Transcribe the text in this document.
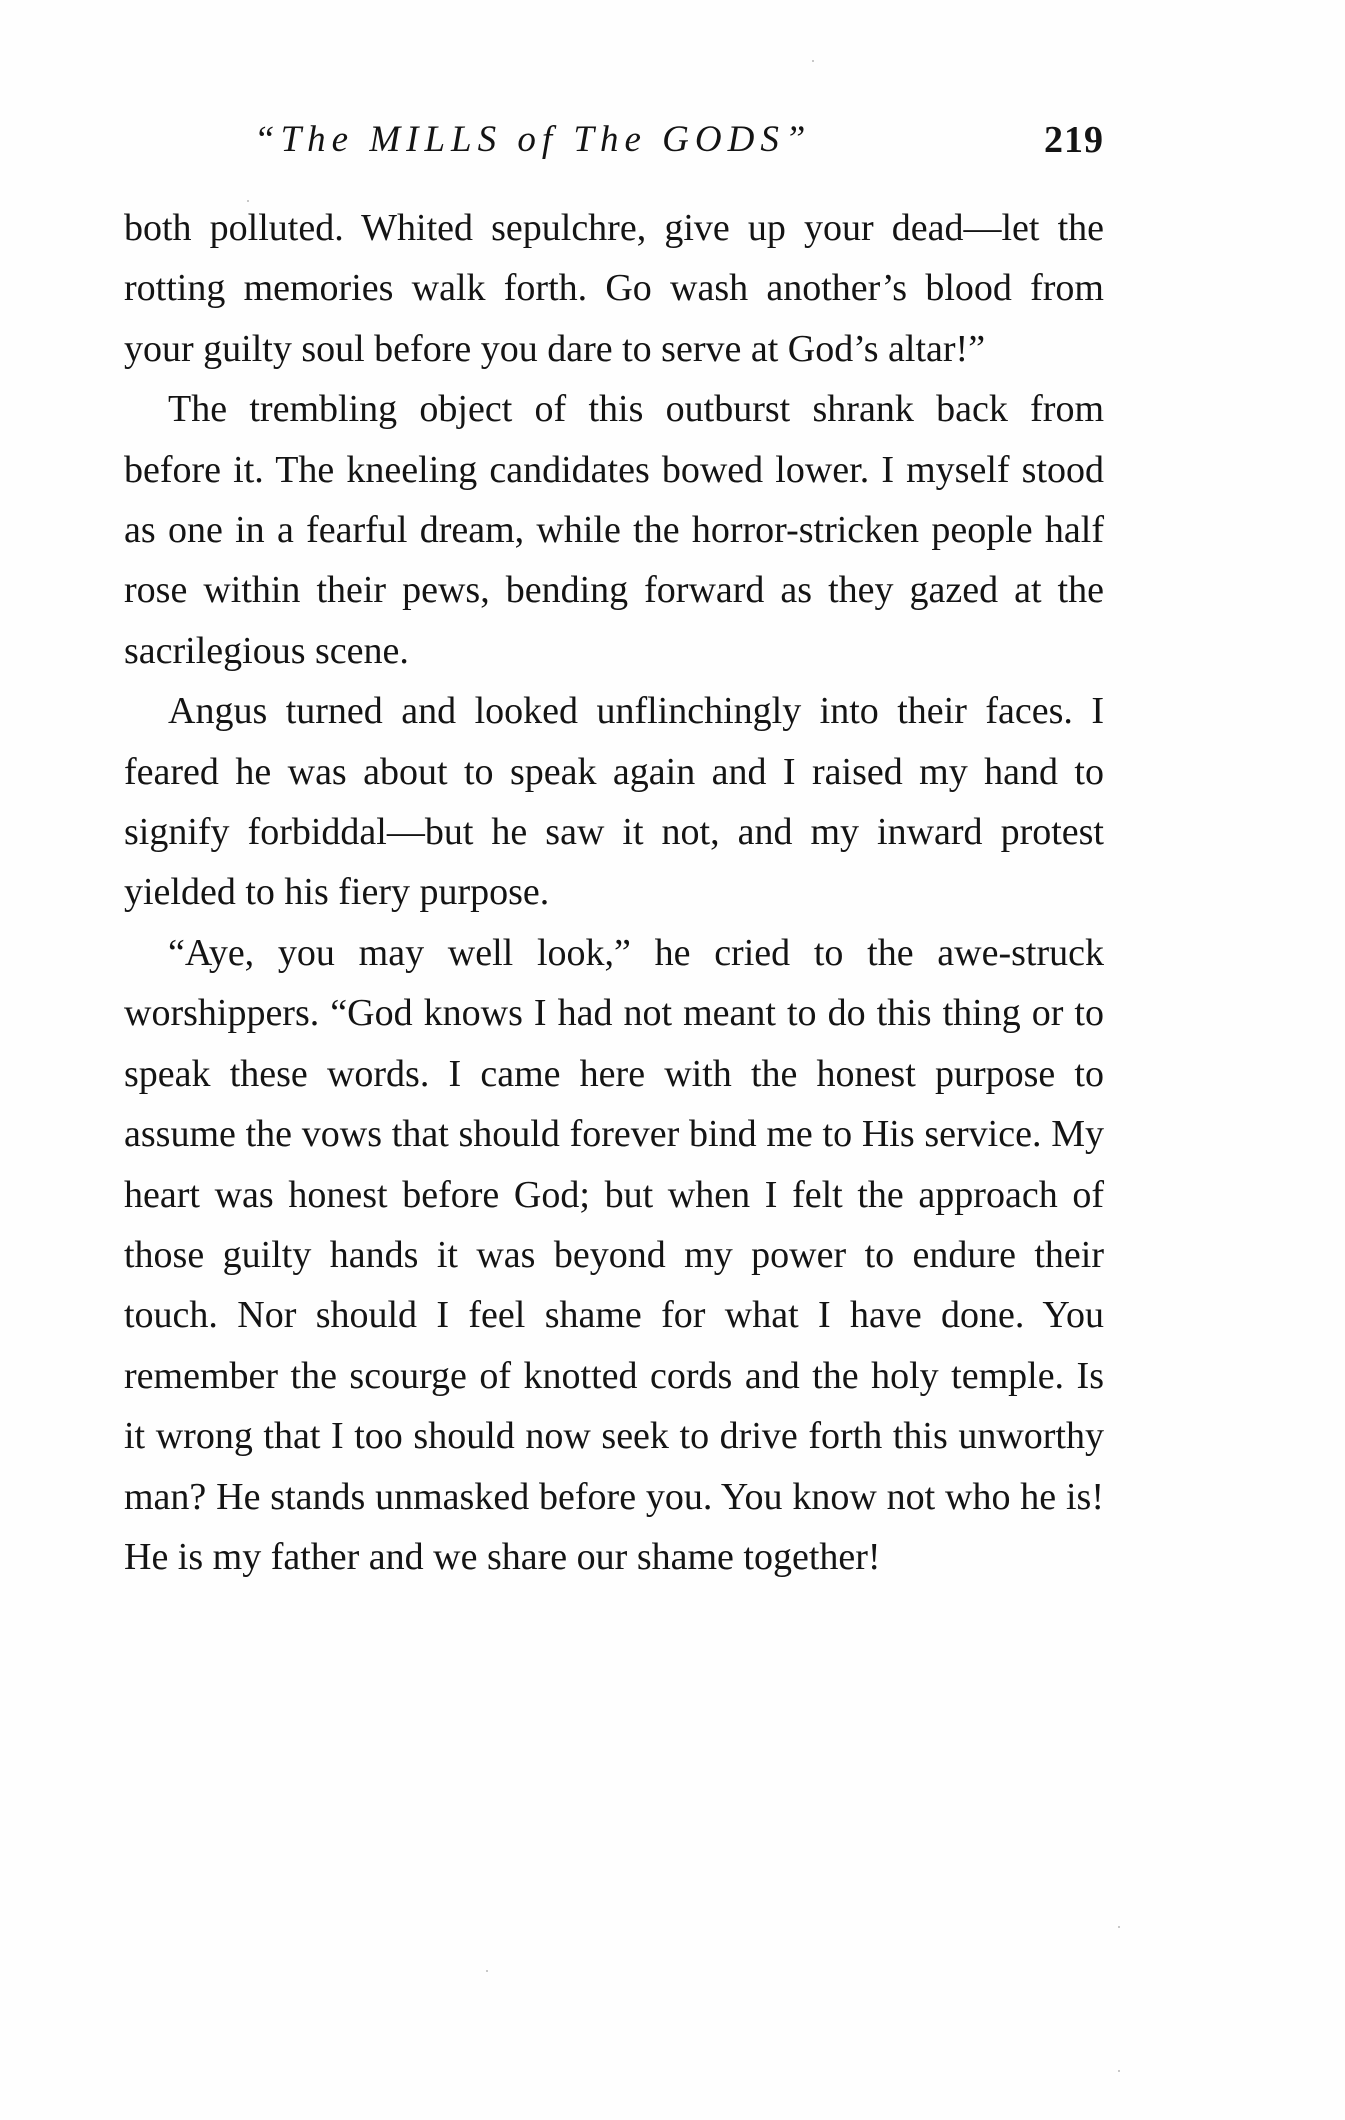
“The MILLS of The GODS”	219

both polluted. Whited sepulchre, give up your dead—let the rotting memories walk forth. Go wash another’s blood from your guilty soul before you dare to serve at God’s altar!”

The trembling object of this outburst shrank back from before it. The kneeling candidates bowed lower. I myself stood as one in a fearful dream, while the horror-stricken people half rose within their pews, bending forward as they gazed at the sacrilegious scene.

Angus turned and looked unflinchingly into their faces. I feared he was about to speak again and I raised my hand to signify forbiddal—but he saw it not, and my inward protest yielded to his fiery purpose.

“Aye, you may well look,” he cried to the awe-struck worshippers. “God knows I had not meant to do this thing or to speak these words. I came here with the honest purpose to assume the vows that should forever bind me to His service. My heart was honest before God; but when I felt the approach of those guilty hands it was beyond my power to endure their touch. Nor should I feel shame for what I have done. You remember the scourge of knotted cords and the holy temple. Is it wrong that I too should now seek to drive forth this unworthy man? He stands unmasked before you. You know not who he is! He is my father and we share our shame together!
